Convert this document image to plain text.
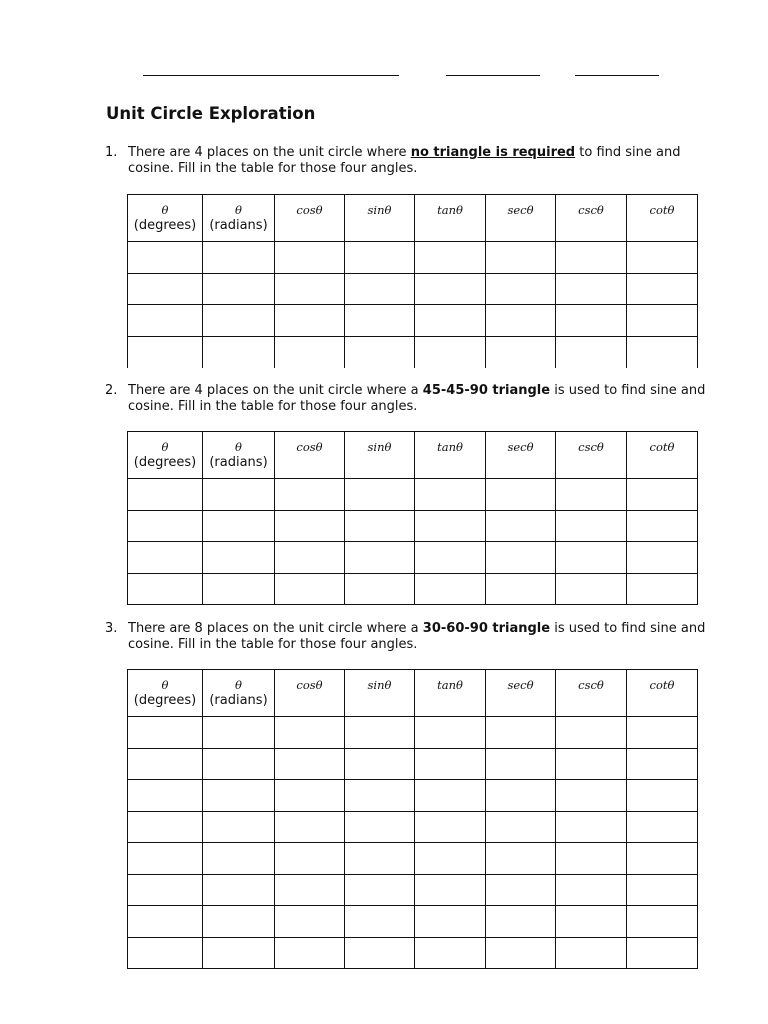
Unit Circle Exploration
1. There are 4 places on the unit circle where no triangle is required to find sine and cosine. Fill in the table for those four angles.
θ
(degrees)	θ
(radians)	cosθ	sinθ	tanθ	secθ	cscθ	cotθ

2. There are 4 places on the unit circle where a 45-45-90 triangle is used to find sine and cosine. Fill in the table for those four angles.
θ
(degrees)	θ
(radians)	cosθ	sinθ	tanθ	secθ	cscθ	cotθ

3. There are 8 places on the unit circle where a 30-60-90 triangle is used to find sine and cosine. Fill in the table for those four angles.
θ
(degrees)	θ
(radians)	cosθ	sinθ	tanθ	secθ	cscθ	cotθ
